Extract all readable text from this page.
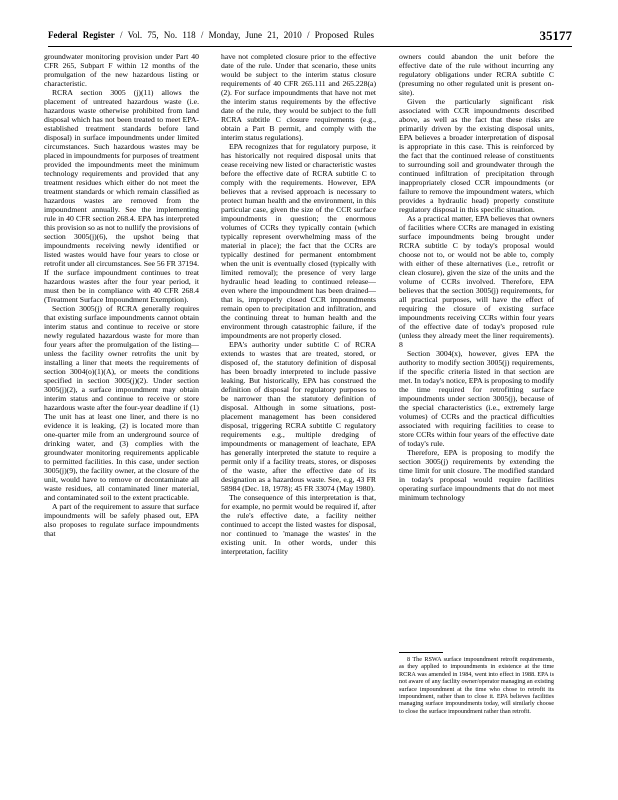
Federal Register / Vol. 75, No. 118 / Monday, June 21, 2010 / Proposed Rules	35177

groundwater monitoring provision under Part 40 CFR 265, Subpart F within 12 months of the promulgation of the new hazardous listing or characteristic.

RCRA section 3005 (j)(11) allows the placement of untreated hazardous waste (i.e. hazardous waste otherwise prohibited from land disposal which has not been treated to meet EPA-established treatment standards before land disposal) in surface impoundments under limited circumstances. Such hazardous wastes may be placed in impoundments for purposes of treatment provided the impoundments meet the minimum technology requirements and provided that any treatment residues which either do not meet the treatment standards or which remain classified as hazardous wastes are removed from the impoundment annually. See the implementing rule in 40 CFR section 268.4. EPA has interpreted this provision so as not to nullify the provisions of section 3005(j)(6), the upshot being that impoundments receiving newly identified or listed wastes would have four years to close or retrofit under all circumstances. See 56 FR 37194. If the surface impoundment continues to treat hazardous wastes after the four year period, it must then be in compliance with 40 CFR 268.4 (Treatment Surface Impoundment Exemption).

Section 3005(j) of RCRA generally requires that existing surface impoundments cannot obtain interim status and continue to receive or store newly regulated hazardous waste for more than four years after the promulgation of the listing—unless the facility owner retrofits the unit by installing a liner that meets the requirements of section 3004(o)(1)(A), or meets the conditions specified in section 3005(j)(2). Under section 3005(j)(2), a surface impoundment may obtain interim status and continue to receive or store hazardous waste after the four-year deadline if (1) The unit has at least one liner, and there is no evidence it is leaking, (2) is located more than one-quarter mile from an underground source of drinking water, and (3) complies with the groundwater monitoring requirements applicable to permitted facilities. In this case, under section 3005(j)(9), the facility owner, at the closure of the unit, would have to remove or decontaminate all waste residues, all contaminated liner material, and contaminated soil to the extent practicable.

A part of the requirement to assure that surface impoundments will be safely phased out, EPA also proposes to regulate surface impoundments that

have not completed closure prior to the effective date of the rule. Under that scenario, these units would be subject to the interim status closure requirements of 40 CFR 265.111 and 265.228(a)(2). For surface impoundments that have not met the interim status requirements by the effective date of the rule, they would be subject to the full RCRA subtitle C closure requirements (e.g., obtain a Part B permit, and comply with the interim status regulations).

EPA recognizes that for regulatory purpose, it has historically not required disposal units that cease receiving new listed or characteristic wastes before the effective date of RCRA subtitle C to comply with the requirements. However, EPA believes that a revised approach is necessary to protect human health and the environment, in this particular case, given the size of the CCR surface impoundments in question; the enormous volumes of CCRs they typically contain (which typically represent overwhelming mass of the material in place); the fact that the CCRs are typically destined for permanent entombment when the unit is eventually closed (typically with limited removal); the presence of very large hydraulic head leading to continued release—even where the impoundment has been drained—that is, improperly closed CCR impoundments remain open to precipitation and infiltration, and the continuing threat to human health and the environment through catastrophic failure, if the impoundments are not properly closed.

EPA's authority under subtitle C of RCRA extends to wastes that are treated, stored, or disposed of, the statutory definition of disposal has been broadly interpreted to include passive leaking. But historically, EPA has construed the definition of disposal for regulatory purposes to be narrower than the statutory definition of disposal. Although in some situations, post-placement management has been considered disposal, triggering RCRA subtitle C regulatory requirements e.g., multiple dredging of impoundments or management of leachate, EPA has generally interpreted the statute to require a permit only if a facility treats, stores, or disposes of the waste, after the effective date of its designation as a hazardous waste. See, e.g, 43 FR 58984 (Dec. 18, 1978); 45 FR 33074 (May 1980).

The consequence of this interpretation is that, for example, no permit would be required if, after the rule's effective date, a facility neither continued to accept the listed wastes for disposal, nor continued to 'manage the wastes' in the existing unit. In other words, under this interpretation, facility

owners could abandon the unit before the effective date of the rule without incurring any regulatory obligations under RCRA subtitle C (presuming no other regulated unit is present on-site).

Given the particularly significant risk associated with CCR impoundments described above, as well as the fact that these risks are primarily driven by the existing disposal units, EPA believes a broader interpretation of disposal is appropriate in this case. This is reinforced by the fact that the continued release of constituents to surrounding soil and groundwater through the continued infiltration of precipitation through inappropriately closed CCR impoundments (or failure to remove the impoundment waters, which provides a hydraulic head) properly constitute regulatory disposal in this specific situation.

As a practical matter, EPA believes that owners of facilities where CCRs are managed in existing surface impoundments being brought under RCRA subtitle C by today's proposal would choose not to, or would not be able to, comply with either of these alternatives (i.e., retrofit or clean closure), given the size of the units and the volume of CCRs involved. Therefore, EPA believes that the section 3005(j) requirements, for all practical purposes, will have the effect of requiring the closure of existing surface impoundments receiving CCRs within four years of the effective date of today's proposed rule (unless they already meet the liner requirements). 8

Section 3004(x), however, gives EPA the authority to modify section 3005(j) requirements, if the specific criteria listed in that section are met. In today's notice, EPA is proposing to modify the time required for retrofitting surface impoundments under section 3005(j), because of the special characteristics (i.e., extremely large volumes) of CCRs and the practical difficulties associated with requiring facilities to cease to store CCRs within four years of the effective date of today's rule.

Therefore, EPA is proposing to modify the section 3005(j) requirements by extending the time limit for unit closure. The modified standard in today's proposal would require facilities operating surface impoundments that do not meet minimum technology

8 The RSWA surface impoundment retrofit requirements, as they applied to impoundments in existence at the time RCRA was amended in 1984, went into effect in 1988. EPA is not aware of any facility owner/operator managing an existing surface impoundment at the time who chose to retrofit its impoundment, rather than to close it. EPA believes facilities managing surface impoundments today, will similarly choose to close the surface impoundment rather than retrofit.
